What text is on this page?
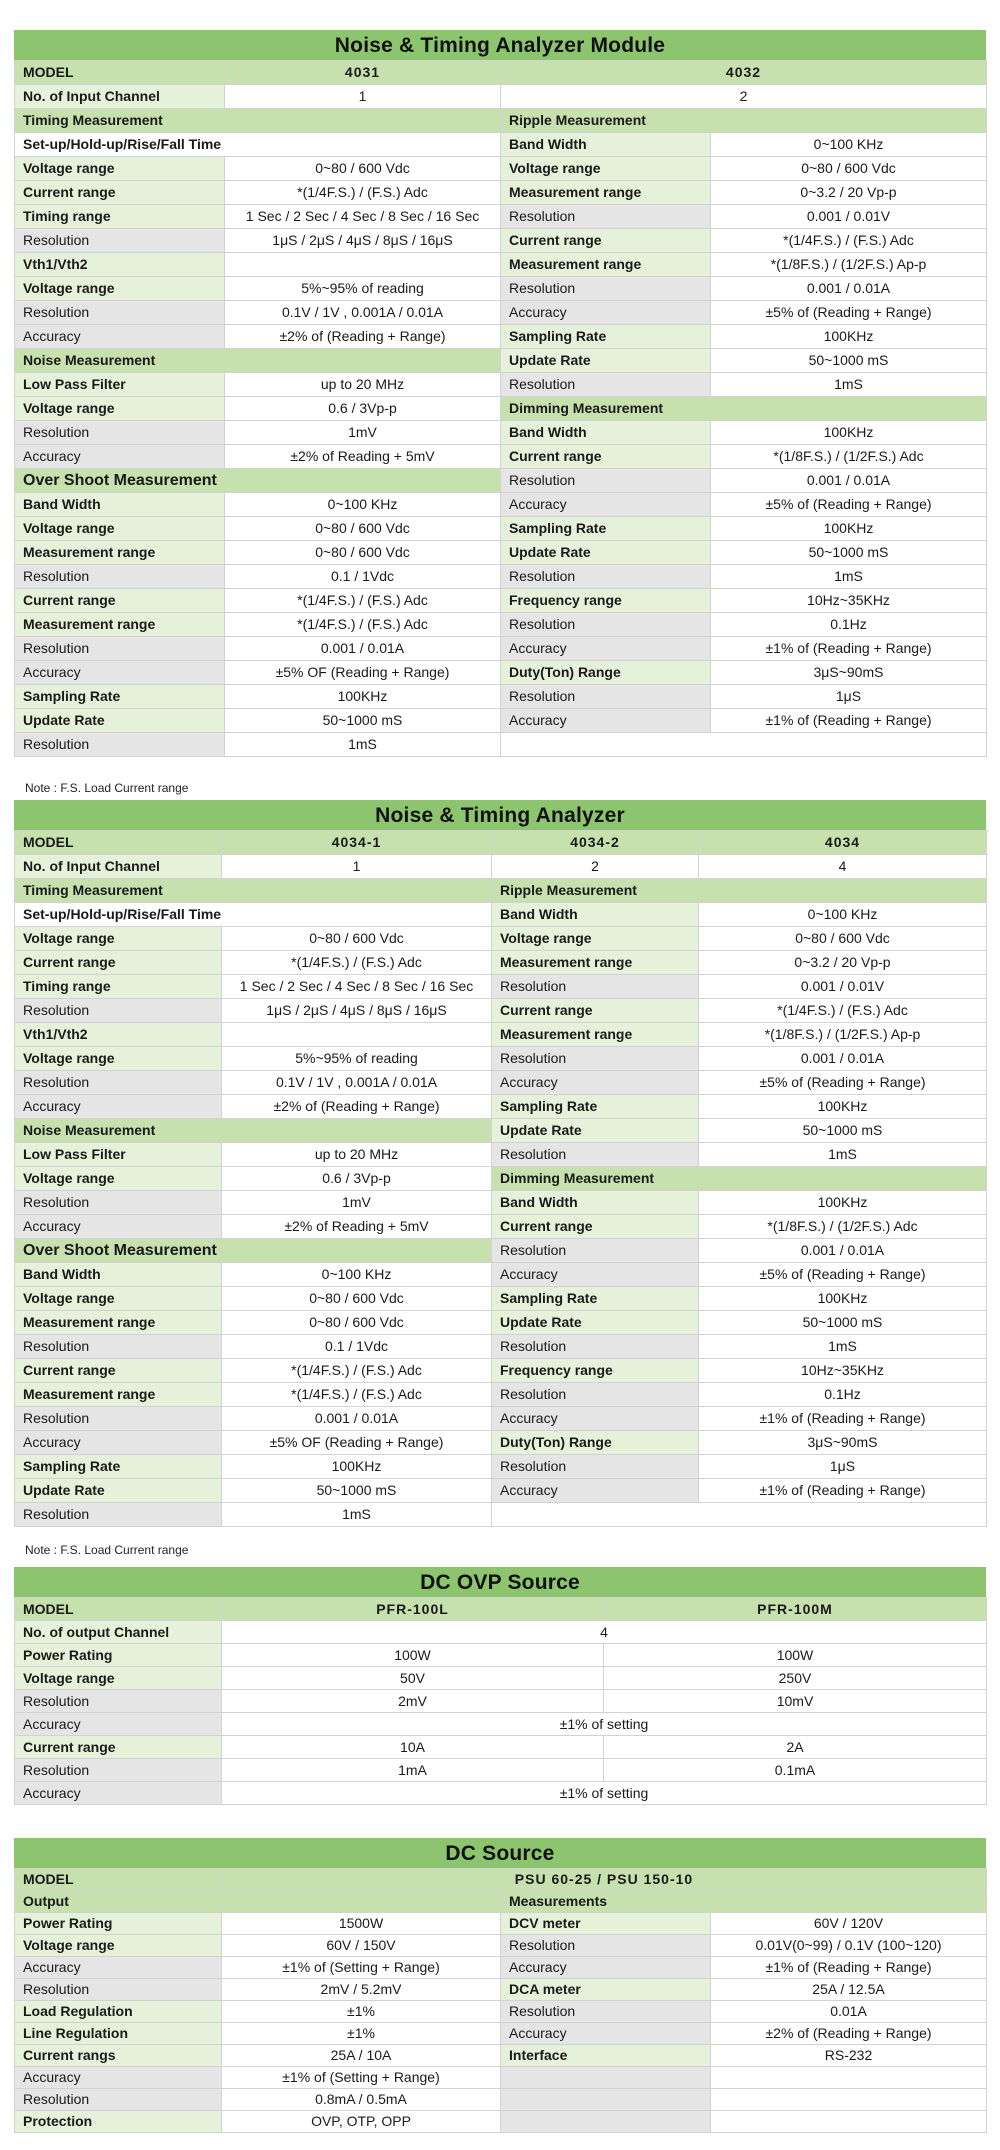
Noise & Timing Analyzer Module
MODEL	4031	4032	
No. of Input Channel	1	2	
Timing Measurement		Ripple Measurement	
Set-up/Hold-up/Rise/Fall Time		Band Width	0~100 KHz
Voltage range	0~80 / 600 Vdc	Voltage range	0~80 / 600 Vdc
Current range	*(1/4F.S.) / (F.S.) Adc	Measurement range	0~3.2 / 20 Vp-p
Timing range	1 Sec / 2 Sec / 4 Sec / 8 Sec / 16 Sec	Resolution	0.001 / 0.01V
Resolution	1μS / 2μS / 4μS / 8μS / 16μS	Current range	*(1/4F.S.) / (F.S.) Adc
Vth1/Vth2		Measurement range	*(1/8F.S.) / (1/2F.S.) Ap-p
Voltage range	5%~95% of reading	Resolution	0.001 / 0.01A
Resolution	0.1V / 1V , 0.001A / 0.01A	Accuracy	±5% of (Reading + Range)
Accuracy	±2% of (Reading + Range)	Sampling Rate	100KHz
Noise Measurement		Update Rate	50~1000 mS
Low Pass Filter	up to 20 MHz	Resolution	1mS
Voltage range	0.6 / 3Vp-p	Dimming Measurement	
Resolution	1mV	Band Width	100KHz
Accuracy	±2% of Reading + 5mV	Current range	*(1/8F.S.) / (1/2F.S.) Adc
Over Shoot Measurement		Resolution	0.001 / 0.01A
Band Width	0~100 KHz	Accuracy	±5% of (Reading + Range)
Voltage range	0~80 / 600 Vdc	Sampling Rate	100KHz
Measurement range	0~80 / 600 Vdc	Update Rate	50~1000 mS
Resolution	0.1 / 1Vdc	Resolution	1mS
Current range	*(1/4F.S.) / (F.S.) Adc	Frequency range	10Hz~35KHz
Measurement range	*(1/4F.S.) / (F.S.) Adc	Resolution	0.1Hz
Resolution	0.001 / 0.01A	Accuracy	±1% of (Reading + Range)
Accuracy	±5% OF (Reading + Range)	Duty(Ton) Range	3μS~90mS
Sampling Rate	100KHz	Resolution	1μS
Update Rate	50~1000 mS	Accuracy	±1% of (Reading + Range)
Resolution	1mS		
Note : F.S. Load Current range
Noise & Timing Analyzer
MODEL	4034-1	4034-2	4034
No. of Input Channel	1	2	4
Timing Measurement		Ripple Measurement	
Set-up/Hold-up/Rise/Fall Time		Band Width	0~100 KHz
Voltage range	0~80 / 600 Vdc	Voltage range	0~80 / 600 Vdc
Current range	*(1/4F.S.) / (F.S.) Adc	Measurement range	0~3.2 / 20 Vp-p
Timing range	1 Sec / 2 Sec / 4 Sec / 8 Sec / 16 Sec	Resolution	0.001 / 0.01V
Resolution	1μS / 2μS / 4μS / 8μS / 16μS	Current range	*(1/4F.S.) / (F.S.) Adc
Vth1/Vth2		Measurement range	*(1/8F.S.) / (1/2F.S.) Ap-p
Voltage range	5%~95% of reading	Resolution	0.001 / 0.01A
Resolution	0.1V / 1V , 0.001A / 0.01A	Accuracy	±5% of (Reading + Range)
Accuracy	±2% of (Reading + Range)	Sampling Rate	100KHz
Noise Measurement		Update Rate	50~1000 mS
Low Pass Filter	up to 20 MHz	Resolution	1mS
Voltage range	0.6 / 3Vp-p	Dimming Measurement	
Resolution	1mV	Band Width	100KHz
Accuracy	±2% of Reading + 5mV	Current range	*(1/8F.S.) / (1/2F.S.) Adc
Over Shoot Measurement		Resolution	0.001 / 0.01A
Band Width	0~100 KHz	Accuracy	±5% of (Reading + Range)
Voltage range	0~80 / 600 Vdc	Sampling Rate	100KHz
Measurement range	0~80 / 600 Vdc	Update Rate	50~1000 mS
Resolution	0.1 / 1Vdc	Resolution	1mS
Current range	*(1/4F.S.) / (F.S.) Adc	Frequency range	10Hz~35KHz
Measurement range	*(1/4F.S.) / (F.S.) Adc	Resolution	0.1Hz
Resolution	0.001 / 0.01A	Accuracy	±1% of (Reading + Range)
Accuracy	±5% OF (Reading + Range)	Duty(Ton) Range	3μS~90mS
Sampling Rate	100KHz	Resolution	1μS
Update Rate	50~1000 mS	Accuracy	±1% of (Reading + Range)
Resolution	1mS		
Note : F.S. Load Current range
DC OVP Source
MODEL	PFR-100L	PFR-100M
No. of output Channel	4	
Power Rating	100W	100W
Voltage range	50V	250V
Resolution	2mV	10mV
Accuracy	±1% of setting	
Current range	10A	2A
Resolution	1mA	0.1mA
Accuracy	±1% of setting	
DC Source
MODEL	PSU 60-25 / PSU 150-10		
Output		Measurements	
Power Rating	1500W	DCV meter	60V / 120V
Voltage range	60V / 150V	Resolution	0.01V(0~99) / 0.1V (100~120)
Accuracy	±1% of (Setting + Range)	Accuracy	±1% of (Reading + Range)
Resolution	2mV / 5.2mV	DCA meter	25A / 12.5A
Load Regulation	±1%	Resolution	0.01A
Line Regulation	±1%	Accuracy	±2% of (Reading + Range)
Current rangs	25A / 10A	Interface	RS-232
Accuracy	±1% of (Setting + Range)		
Resolution	0.8mA / 0.5mA		
Protection	OVP, OTP, OPP		
